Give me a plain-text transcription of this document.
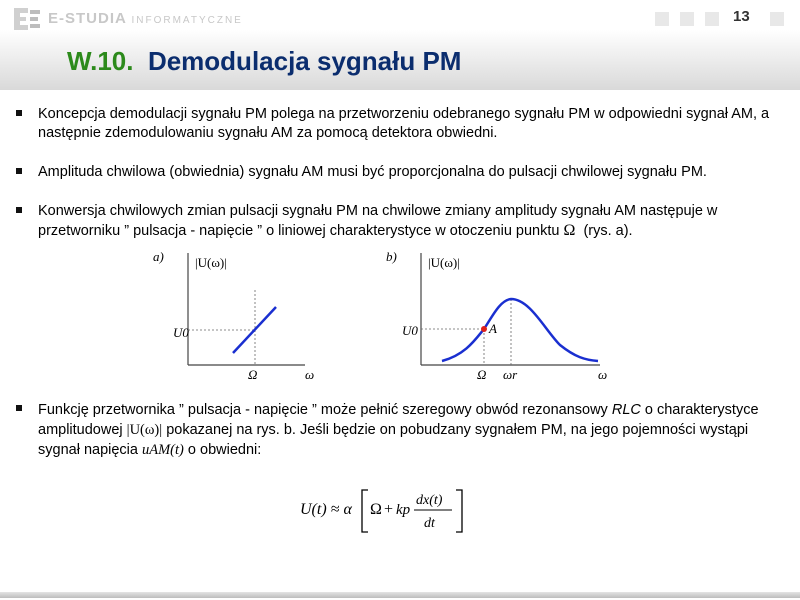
E-STUDIA INFORMATYCZNE	13
W.10. Demodulacja sygnału PM
Koncepcja demodulacji sygnału PM polega na przetworzeniu odebranego sygnału PM w odpowiedni sygnał AM, a następnie zdemodulowaniu sygnału AM za pomocą detektora obwiedni.
Amplituda chwilowa (obwiednia) sygnału AM musi być proporcjonalna do pulsacji chwilowej sygnału PM.
Konwersja chwilowych zmian pulsacji sygnału PM na chwilowe zmiany amplitudy sygnału AM następuje w przetworniku ” pulsacja - napięcie ” o liniowej charakterystyce w otoczeniu punktu Ω (rys. a).
a) |U(ω)|
U0
Ω	ω
b) |U(ω)|
U0	A
Ω ωr	ω
Funkcję przetwornika ” pulsacja - napięcie ” może pełnić szeregowy obwód rezonansowy RLC o charakterystyce amplitudowej |U(ω)| pokazanej na rys. b. Jeśli będzie on pobudzany sygnałem PM, na jego pojemności wystąpi sygnał napięcia uAM(t) o obwiedni:
U(t) ≈ α Ω + kp
dx(t)
dt
